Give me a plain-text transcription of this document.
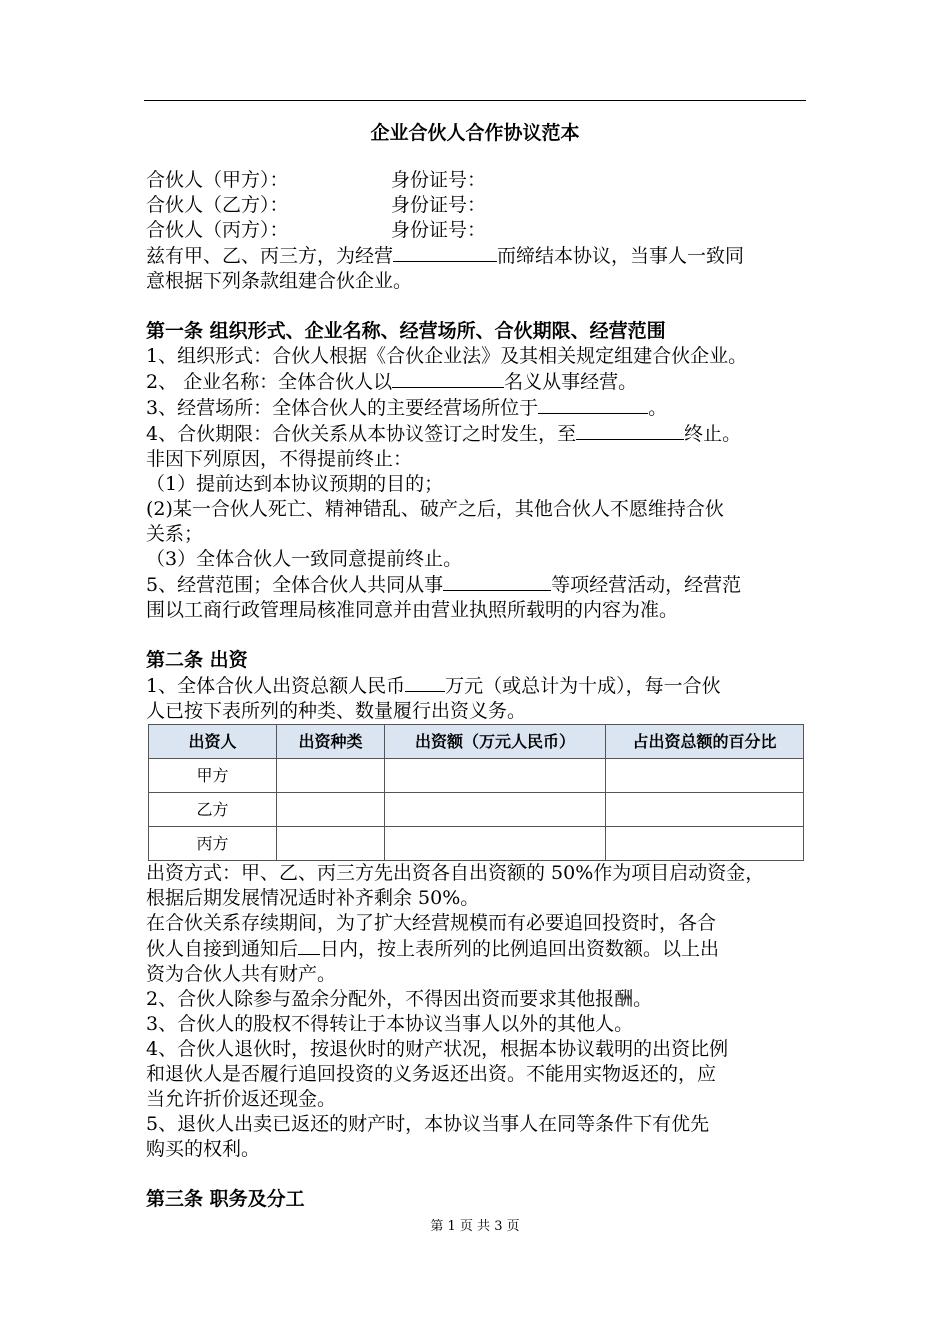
企业合伙人合作协议范本
合伙人（甲方）：	身份证号：
合伙人（乙方）：	身份证号：
合伙人（丙方）：	身份证号：

兹有甲、乙、丙三方，为经营	而缔结本协议，当事人一致同

意根据下列条款组建合伙企业。

第一条 组织形式、企业名称、经营场所、合伙期限、经营范围

1、组织形式：合伙人根据《合伙企业法》及其相关规定组建合伙企业。

2、 企业名称：全体合伙人以	名义从事经营。

3、经营场所：全体合伙人的主要经营场所位于	。

4、合伙期限：合伙关系从本协议签订之时发生，至	终止。

非因下列原因，不得提前终止：

（1）提前达到本协议预期的目的；

(2)某一合伙人死亡、精神错乱、破产之后，其他合伙人不愿维持合伙

关系；

（3）全体合伙人一致同意提前终止。

5、经营范围；全体合伙人共同从事	等项经营活动，经营范

围以工商行政管理局核准同意并由营业执照所载明的内容为准。

第二条 出资

1、全体合伙人出资总额人民币 万元（或总计为十成），每一合伙

人已按下表所列的种类、数量履行出资义务。

出资人	出资种类	出资额（万元人民币）	占出资总额的百分比
甲方			
乙方			
丙方			

出资方式：甲、乙、丙三方先出资各自出资额的 50%作为项目启动资金，

根据后期发展情况适时补齐剩余 50%。

在合伙关系存续期间，为了扩大经营规模而有必要追回投资时，各合

伙人自接到通知后 日内，按上表所列的比例追回出资数额。以上出

资为合伙人共有财产。

2、合伙人除参与盈余分配外，不得因出资而要求其他报酬。

3、合伙人的股权不得转让于本协议当事人以外的其他人。

4、合伙人退伙时，按退伙时的财产状况，根据本协议载明的出资比例

和退伙人是否履行追回投资的义务返还出资。不能用实物返还的，应

当允许折价返还现金。

5、退伙人出卖已返还的财产时，本协议当事人在同等条件下有优先

购买的权利。

第三条 职务及分工

第 1 页 共 3 页
